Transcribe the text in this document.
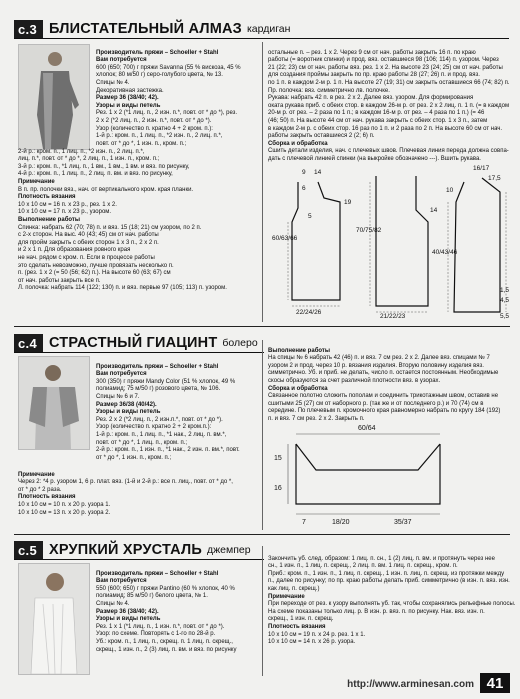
с.3 БЛИСТАТЕЛЬНЫЙ АЛМАЗ кардиган

Производитель пряжи – Schoeller + Stahl
Вам потребуется
600 (650; 700) г пряжи Savanna (55 % вискоза, 45 %
хлопок; 80 м/50 г) серо-голубого цвета, № 13.
Спицы № 4.
Декоративная застежка.
Размер 36 (38/40; 42).
Узоры и виды петель
Рез. 1 х 2 (*1 лиц. п., 2 изн. п.*, повт. от * до *), рез.
2 х 2 (*2 лиц. п., 2 изн. п.*, повт. от * до *).
Узор (количество п. кратно 4 + 2 кром. п.):
1-й р.: кром. п., 1 лиц. п., *2 изн. п., 2 лиц. п.*,
повт. от * до *, 1 изн. п., кром. п.;

2-й р.: кром. п., 1 лиц. п., *2 изн. п., 2 лиц. п.*,
лиц. п.*, повт. от * до *, 2 лиц. п., 1 изн. п., кром. п.;
3-й р.: кром. п., *1 лиц. п., 1 вм., 1 вм., 1 вм. и вяз. по рисунку,
4-й р.: кром. п., 1 лиц. п., 2 лиц. п. вм. и вяз. по рисунку,
Примечание
В п. пр. полочки вяз., нач. от вертикального кром. края планки.
Плотность вязания
10 х 10 см = 16 п. х 23 р., рез. 1 х 2.
10 х 10 см = 17 п. х 23 р., узором.
Выполнение работы
Спинка: набрать 62 (70; 78) п. и вяз. 15 (18; 21) см узором, по 2 п.
с 2-х сторон. На выс. 40 (43; 45) см от нач. работы
для пройм закрыть с обеих сторон 1 х 3 п., 2 х 2 п.
и 2 х 1 п. Для образования ровного края
не нач. рядом с кром. п. Если в процессе работы
это сделать невозможно, лучше провязать несколько п.
п. (рез. 1 х 2 (= 50 (56; 62) п.). На высоте 60 (63; 67) см
от нач. работы закрыть все п.
Л. полочка: набрать 114 (122; 130) п. и вяз. первые 97 (105; 113) п. узором.

остальные п. – рез. 1 х 2. Через 9 см от нач. работы закрыть 16 п. по краю
работы (= воротник спинки) и прод. вяз. оставшиеся 98 (106; 114) п. узором. Через
21 (22; 23) см от нач. работы вяз. рез. 1 х 2. На высоте 23 (24; 25) см от нач. работы
для создания проймы закрыть по пр. краю работы 28 (27; 26) п. и прод. вяз.
по 1 п. в каждом 2-м р. 1 п. На высоте 27 (19; 31) см закрыть оставшиеся 66 (74; 82) п.
Пр. полочка: вяз. симметрично лв. полочке.
Рукава: набрать 42 п. в рез. 2 х 2. Далее вяз. узором. Для формирования
оката рукава приб. с обеих стор. в каждом 26-м р. от рез. 2 х 2 лиц. п. 1 п. (= в каждом
20-м р. от рез. – 2 раза по 1 п.; в каждом 16-м р. от рез. – 4 раза по 1 п.) (= 46
(46; 50) п. На высоте 44 см от нач. рукава закрыть с обеих стор. 1 х 3 п., затем
в каждом 2-м р. с обеих стор. 16 раз по 1 п. и 2 раза по 2 п. На высоте 60 см от нач.
работы закрыть оставшиеся 2 (2; 6) п.
Сборка и обработка
Сшить детали изделия, нач. с плечевых швов. Плечевая линия переда должна совпа-
дать с плечевой линией спинки (на выкройке обозначено ---). Вшить рукава.
9 14
6
16/17
17,5
60/63/66
70/75/82
40/43/46
22/24/26
21/22/23
19
1,5
4,5
5,5
5
10
14
с.4 СТРАСТНЫЙ ГИАЦИНТ болеро

Производитель пряжи – Schoeller + Stahl
Вам потребуется
300 (350) г пряжи Mandy Color (51 % хлопок, 49 %
полиамид; 75 м/50 г) розового цвета, № 106.
Спицы № 6 и 7.
Размер 36/38 (40/42).
Узоры и виды петель
Рез. 2 х 2 (*2 лиц. п., 2 изн.п.*, повт. от * до *).
Узор (количество п. кратно 2 + 2 кром.п.):
1-й р.: кром. п., 1 лиц. п., *1 нак., 2 лиц. п. вм.*,
повт. от * до *, 1 лиц. п., кром. п.;
2-й р.: кром. п., 1 изн. п., *1 нак., 2 изн. п. вм.*, повт.
от * до *, 1 изн. п., кром. п.;

Примечание
Через 2: *4 р. узором 1, 6 р. плат. вяз. (1-й и 2-й р.: все п. лиц., повт. от * до *,
от * до * 2 раза.
Плотность вязания
10 х 10 см = 10 п. х 20 р. узора 1.
10 х 10 см = 13 п. х 20 р. узора 2.

Выполнение работы
На спицы № 6 набрать 42 (46) п. и вяз. 7 см рез. 2 х 2. Далее вяз. спицами № 7
узором 2 и прод. через 10 р. вязания изделия. Вторую половину изделия вяз.
симметрично. Уб. и приб. не делать, число п. остается постоянным. Необходимые
скосы образуются за счет различной плотности вяз. в узорах.
Сборка и обработка
Связанное полотно сложить пополам и соединить трикотажным швом, оставив не
сшитыми 25 (27) см от наборного р. (так же и от последнего р.) и 70 (74) см в
середине. По плечевым п. кромочного края равномерно набрать по кругу 184 (192)
п. и вяз. 7 см рез. 2 х 2. Закрыть п.
60/64
15
16
7	18/20	35/37
с.5 ХРУПКИЙ ХРУСТАЛЬ джемпер

Производитель пряжи – Schoeller + Stahl
Вам потребуется
550 (600; 650) г пряжи Pantino (60 % хлопок, 40 %
полиамид; 85 м/50 г) белого цвета, № 1.
Спицы № 4.
Размер 36 (38/40; 42).
Узоры и виды петель
Рез. 1 х 1 (*1 лиц. п., 1 изн. п.*, повт. от * до *).
Узор: по схеме. Повторять с 1-го по 28-й р.
Уб.: кром. п., 1 лиц. п., скрещ. п. 1 лиц. п. скрещ.,
скрещ., 1 изн. п., 2 (3) лиц. п. вм. и вяз. по рисунку

Закончить уб. след. образом: 1 лиц. п. сн., 1 (2) лиц. п. вм. и протянуть через нее
сн., 1 изн. п., 1 лиц. п. скрещ., 2 лиц. п. вм. 1 лиц. п. скрещ., кром. п.
Приб.: кром. п., 1 изн. п., 1 лиц. п. скрещ., 1 изн. п. лиц. п. скрещ. из протяжки между
п., далее по рисунку; по пр. краю работы делать приб. симметрично (в изн. п. вяз. изн.
как лиц. п. скрещ.)
Примечание
При переходе от рез. к узору выполнять уб. так, чтобы сохранялись рельефные полосы.
На схеме показаны только лиц. р. В изн. р. вяз. п. по рисунку. Нак. вяз. изн. п.
скрещ., 1 изн. п. скрещ.
Плотность вязания
10 х 10 см = 19 п. х 24 р. рез. 1 х 1.
10 х 10 см = 14 п. х 26 р. узора.
http://www.arminesan.com 41
